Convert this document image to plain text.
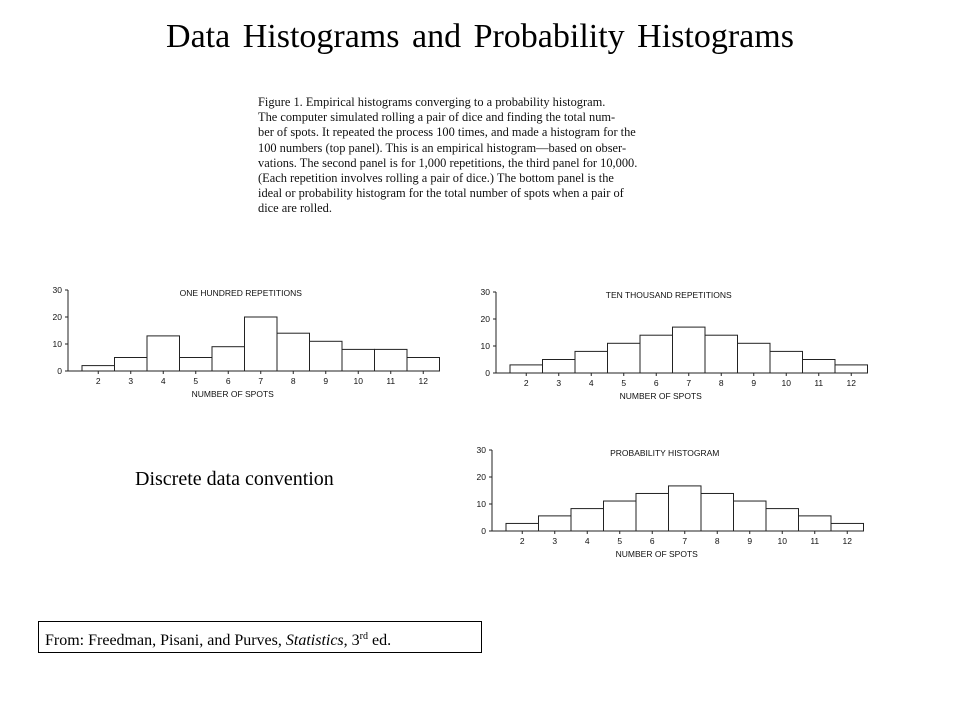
Data Histograms and Probability Histograms
Figure 1. Empirical histograms converging to a probability histogram.
The computer simulated rolling a pair of dice and finding the total num-
ber of spots. It repeated the process 100 times, and made a histogram for the
100 numbers (top panel). This is an empirical histogram—based on obser-
vations. The second panel is for 1,000 repetitions, the third panel for 10,000.
(Each repetition involves rolling a pair of dice.) The bottom panel is the
ideal or probability histogram for the total number of spots when a pair of
dice are rolled.
ONE HUNDRED REPETITIONS
0
10
20
30
2	3	4	5	6	7	8	9	10	11	12
NUMBER OF SPOTS
TEN THOUSAND REPETITIONS
0
10
20
30
2	3	4	5	6	7	8	9	10	11	12
NUMBER OF SPOTS
PROBABILITY HISTOGRAM
0
10
20
30
2	3	4	5	6	7	8	9	10	11	12
NUMBER OF SPOTS
Discrete data convention
From: Freedman, Pisani, and Purves, Statistics, 3rd ed.
